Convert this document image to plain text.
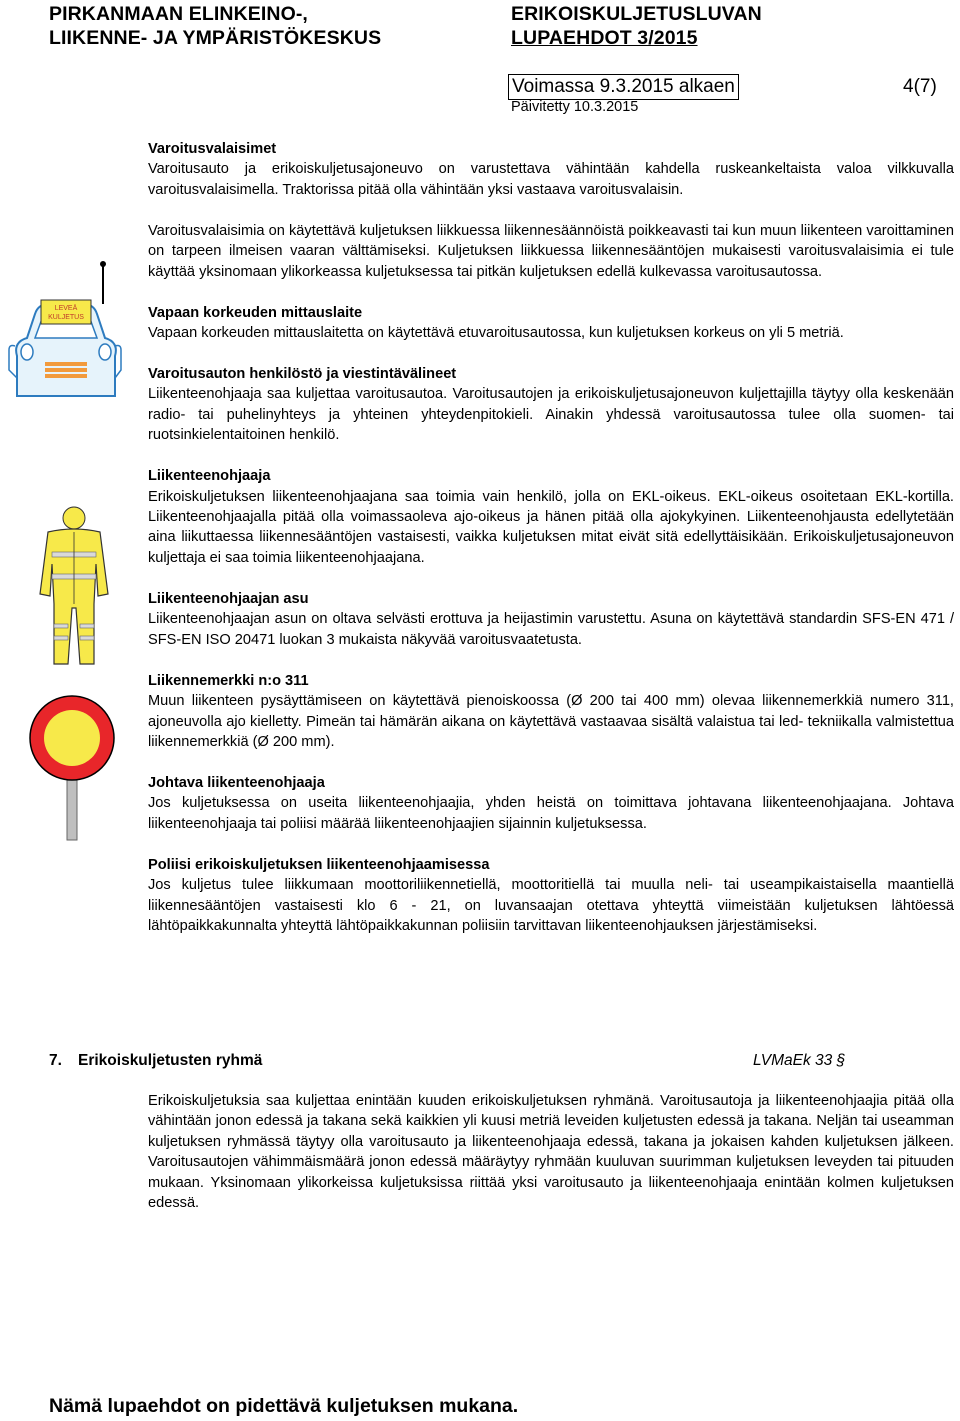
PIRKANMAAN ELINKEINO-,
LIIKENNE- JA YMPÄRISTÖKESKUS
ERIKOISKULJETUSLUVAN
LUPAEHDOT 3/2015
Voimassa 9.3.2015 alkaen	4(7)
Päivitetty 10.3.2015
LEVEÄ
KULJETUS

Varoitusvalaisimet

Varoitusauto ja erikoiskuljetusajoneuvo on varustettava vähintään kahdella ruskeankeltaista valoa vilkkuvalla varoitusvalaisimella. Traktorissa pitää olla vähintään yksi vastaava varoitusvalaisin.

Varoitusvalaisimia on käytettävä kuljetuksen liikkuessa liikennesäännöistä poikkeavasti tai kun muun liikenteen varoittaminen on tarpeen ilmeisen vaaran välttämiseksi. Kuljetuksen liikkuessa liikennesääntöjen mukaisesti varoitusvalaisimia ei tule käyttää yksinomaan ylikorkeassa kuljetuksessa tai pitkän kuljetuksen edellä kulkevassa varoitusautossa.

Vapaan korkeuden mittauslaite

Vapaan korkeuden mittauslaitetta on käytettävä etuvaroitusautossa, kun kuljetuksen korkeus on yli 5 metriä.

Varoitusauton henkilöstö ja viestintävälineet

Liikenteenohjaaja saa kuljettaa varoitusautoa. Varoitusautojen ja erikoiskuljetusajoneuvon kuljettajilla täytyy olla keskenään radio- tai puhelinyhteys ja yhteinen yhteydenpitokieli. Ainakin yhdessä varoitusautossa tulee olla suomen- tai ruotsinkielentaitoinen henkilö.

Liikenteenohjaaja

Erikoiskuljetuksen liikenteenohjaajana saa toimia vain henkilö, jolla on EKL-oikeus. EKL-oikeus osoitetaan EKL-kortilla. Liikenteenohjaajalla pitää olla voimassaoleva ajo-oikeus ja hänen pitää olla ajokykyinen. Liikenteenohjausta edellytetään aina liikuttaessa liikennesääntöjen vastaisesti, vaikka kuljetuksen mitat eivät sitä edellyttäisikään. Erikoiskuljetusajoneuvon kuljettaja ei saa toimia liikenteenohjaajana.

Liikenteenohjaajan asu

Liikenteenohjaajan asun on oltava selvästi erottuva ja heijastimin varustettu. Asuna on käytettävä standardin SFS-EN 471 / SFS-EN ISO 20471 luokan 3 mukaista näkyvää varoitusvaatetusta.

Liikennemerkki n:o 311

Muun liikenteen pysäyttämiseen on käytettävä pienoiskoossa (Ø 200 tai 400 mm) olevaa liikennemerkkiä numero 311, ajoneuvolla ajo kielletty. Pimeän tai hämärän aikana on käytettävä vastaavaa sisältä valaistua tai led- tekniikalla valmistettua liikennemerkkiä (Ø 200 mm).

Johtava liikenteenohjaaja

Jos kuljetuksessa on useita liikenteenohjaajia, yhden heistä on toimittava johtavana liikenteenohjaajana. Johtava liikenteenohjaaja tai poliisi määrää liikenteenohjaajien sijainnin kuljetuksessa.

Poliisi erikoiskuljetuksen liikenteenohjaamisessa

Jos kuljetus tulee liikkumaan moottoriliikennetiellä, moottoritiellä tai muulla neli- tai useampikaistaisella maantiellä liikennesääntöjen vastaisesti klo 6 - 21, on luvansaajan otettava yhteyttä viimeistään kuljetuksen lähtöessä lähtöpaikkakunnalta yhteyttä lähtöpaikkakunnan poliisiin tarvittavan liikenteenohjauksen järjestämiseksi.

7. Erikoiskuljetusten ryhmä	LVMaEk 33 §
Erikoiskuljetuksia saa kuljettaa enintään kuuden erikoiskuljetuksen ryhmänä. Varoitusautoja ja liikenteenohjaajia pitää olla vähintään jonon edessä ja takana sekä kaikkien yli kuusi metriä leveiden kuljetusten edessä ja takana. Neljän tai useamman kuljetuksen ryhmässä täytyy olla varoitusauto ja liikenteenohjaaja edessä, takana ja jokaisen kahden kuljetuksen jälkeen. Varoitusautojen vähimmäismäärä jonon edessä määräytyy ryhmään kuuluvan suurimman kuljetuksen leveyden tai pituuden mukaan. Yksinomaan ylikorkeissa kuljetuksissa riittää yksi varoitusauto ja liikenteenohjaaja enintään kolmen kuljetuksen edessä.
Nämä lupaehdot on pidettävä kuljetuksen mukana.
